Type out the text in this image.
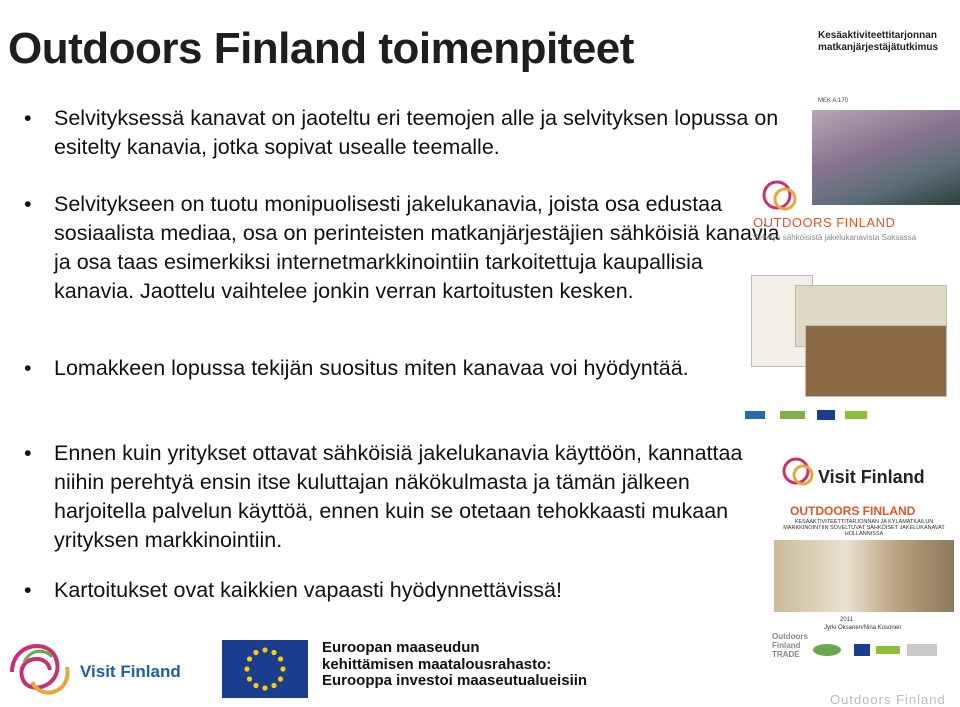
Outdoors Finland toimenpiteet
•	Selvityksessä kanavat on jaoteltu eri teemojen alle ja selvityksen lopussa on esitelty kanavia, jotka sopivat usealle teemalle.
•	Selvitykseen on tuotu monipuolisesti jakelukanavia, joista osa edustaa sosiaalista mediaa, osa on perinteisten matkanjärjestäjien sähköisiä kanavia ja osa taas esimerkiksi internetmarkkinointiin tarkoitettuja kaupallisia kanavia. Jaottelu vaihtelee jonkin verran kartoitusten kesken.
•	Lomakkeen lopussa tekijän suositus miten kanavaa voi hyödyntää.
•	Ennen kuin yritykset ottavat sähköisiä jakelukanavia käyttöön, kannattaa niihin perehtyä ensin itse kuluttajan näkökulmasta ja tämän jälkeen harjoitella palvelun käyttöä, ennen kuin se otetaan tehokkaasti mukaan yrityksen markkinointiin.
•	Kartoitukset ovat kaikkien vapaasti hyödynnettävissä!
Kesäaktiviteettitarjonnan matkanjärjestäjätutkimus
MEK A:170
OUTDOORS FINLAND
Selvitys sähköisistä jakelukanavista Saksassa
Visit Finland
OUTDOORS FINLAND
KESÄAKTIVITEETTITARJONNAN JA KYLÄMATKAILUN MARKKINOINTIIN SOVELTUVAT SÄHKÖISET JAKELUKANAVAT HOLLANNISSA
2011
Jyrki Oksanen/Nina Kosonen
Visit Finland
Euroopan maaseudun
kehittämisen maatalousrahasto:
Eurooppa investoi maaseutualueisiin
Outdoors
Finland
TRADE
Outdoors Finland
